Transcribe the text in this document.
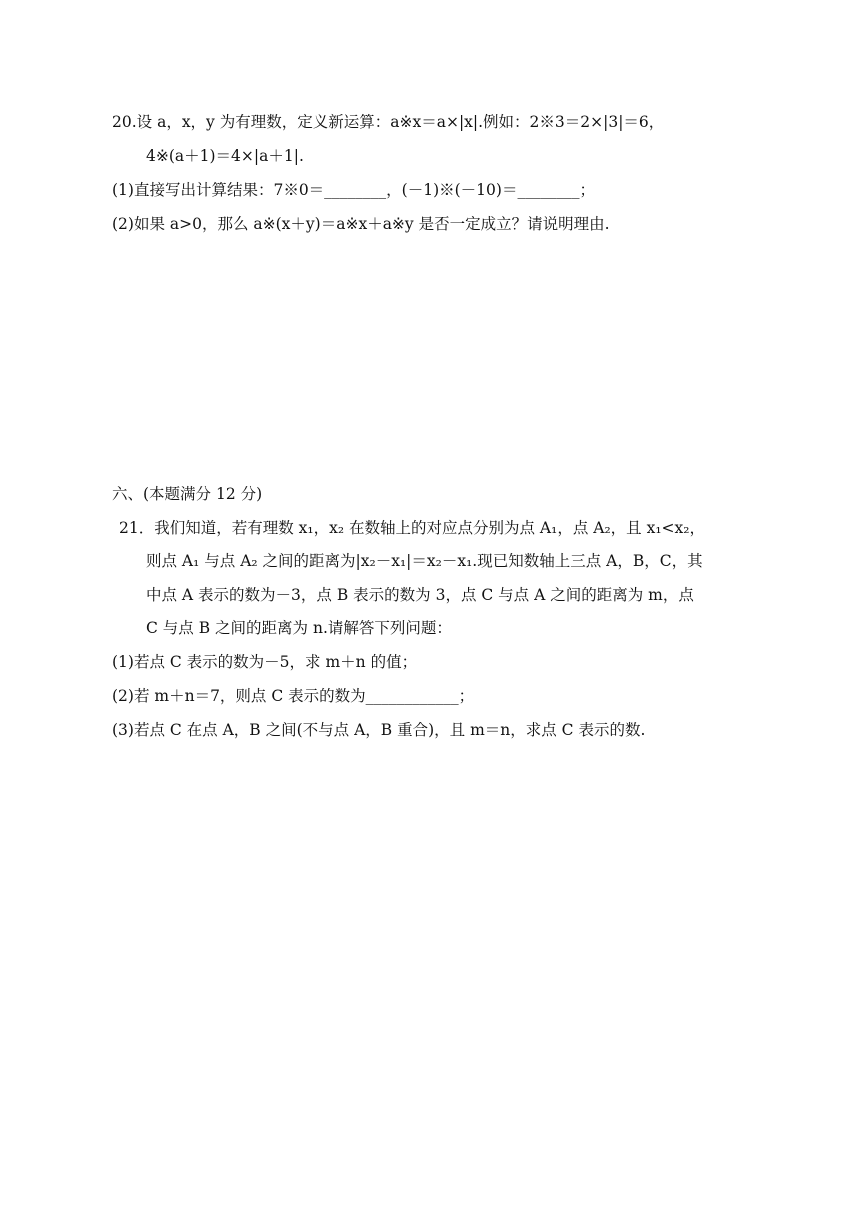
20.设 a，x，y 为有理数，定义新运算：a※x＝a×|x|.例如：2※3＝2×|3|＝6，
4※(a＋1)＝4×|a＋1|.
(1)直接写出计算结果：7※0＝________，(－1)※(－10)＝________；
(2)如果 a>0，那么 a※(x＋y)＝a※x＋a※y 是否一定成立？请说明理由.
六、(本题满分 12 分)
21．我们知道，若有理数 x₁，x₂ 在数轴上的对应点分别为点 A₁，点 A₂，且 x₁<x₂，
则点 A₁ 与点 A₂ 之间的距离为|x₂－x₁|＝x₂－x₁.现已知数轴上三点 A，B，C，其
中点 A 表示的数为－3，点 B 表示的数为 3，点 C 与点 A 之间的距离为 m，点
C 与点 B 之间的距离为 n.请解答下列问题：
(1)若点 C 表示的数为－5，求 m＋n 的值；
(2)若 m＋n＝7，则点 C 表示的数为____________；
(3)若点 C 在点 A，B 之间(不与点 A，B 重合)，且 m＝n，求点 C 表示的数.
